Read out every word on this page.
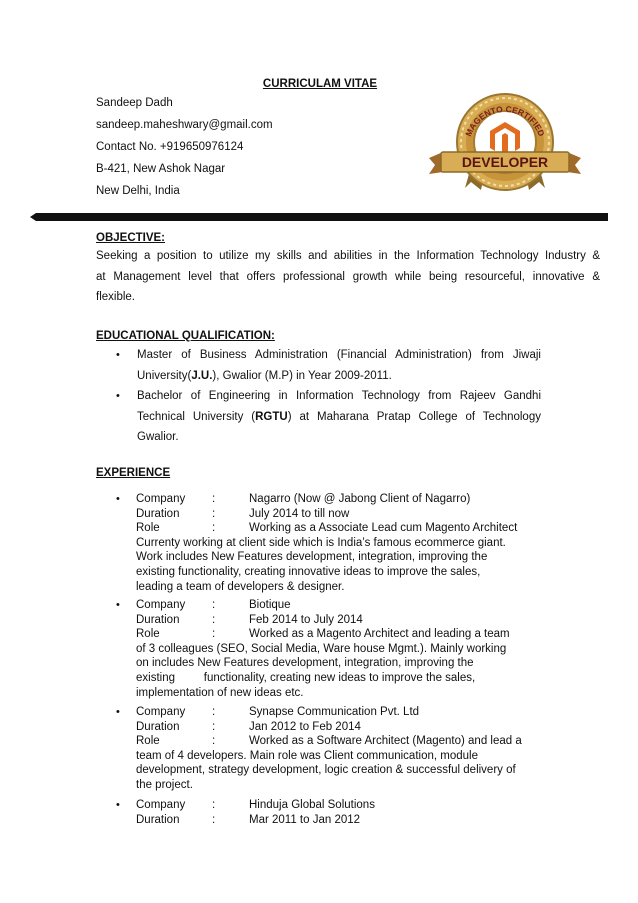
CURRICULAM VITAE
Sandeep Dadh
sandeep.maheshwary@gmail.com
Contact No. +919650976124
B-421, New Ashok Nagar
New Delhi, India
MAGENTO CERTIFIED
DEVELOPER
OBJECTIVE:
Seeking a position to utilize my skills and abilities in the Information Technology Industry &
at Management level that offers professional growth while being resourceful, innovative &
flexible.
EDUCATIONAL QUALIFICATION:
• Master of Business Administration (Financial Administration) from Jiwaji
University(J.U.), Gwalior (M.P) in Year 2009-2011.
• Bachelor of Engineering in Information Technology from Rajeev Gandhi
Technical University (RGTU) at Maharana Pratap College of Technology
Gwalior.
EXPERIENCE
• Company :	Nagarro (Now @ Jabong Client of Nagarro)
Duration	:	July 2014 to till now
Role	:	Working as a Associate Lead cum Magento Architect
Currenty working at client side which is India’s famous ecommerce giant.
Work includes New Features development, integration, improving the
existing functionality, creating innovative ideas to improve the sales,
leading a team of developers & designer.
• Company :	Biotique
Duration	:	Feb 2014 to July 2014
Role	:	Worked as a Magento Architect and leading a team
of 3 colleagues (SEO, Social Media, Ware house Mgmt.). Mainly working
on includes New Features development, integration, improving the
existing         functionality, creating new ideas to improve the sales,
implementation of new ideas etc.
• Company :	Synapse Communication Pvt. Ltd
Duration	:	Jan 2012 to Feb 2014
Role	:	Worked as a Software Architect (Magento) and lead a
team of 4 developers. Main role was Client communication, module
development, strategy development, logic creation & successful delivery of
the project.
• Company :	Hinduja Global Solutions
Duration	:	Mar 2011 to Jan 2012
